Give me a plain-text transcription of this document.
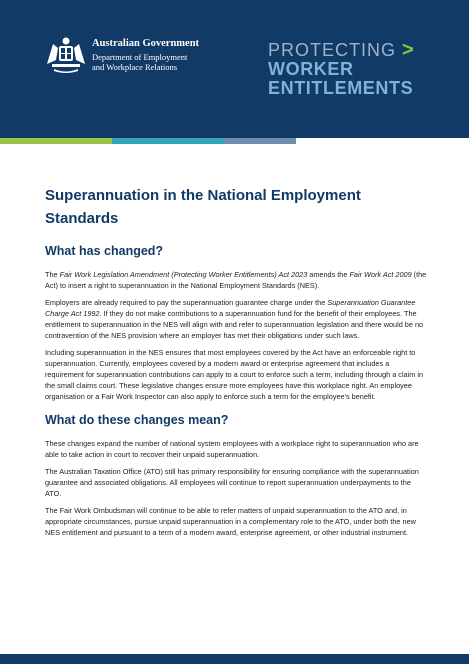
Australian Government
Department of Employment
and Workplace Relations
PROTECTING >
WORKER
ENTITLEMENTS
Superannuation in the National Employment Standards
What has changed?

The Fair Work Legislation Amendment (Protecting Worker Entitlements) Act 2023 amends the Fair Work Act 2009 (the Act) to insert a right to superannuation in the National Employment Standards (NES).

Employers are already required to pay the superannuation guarantee charge under the Superannuation Guarantee Charge Act 1992. If they do not make contributions to a superannuation fund for the benefit of their employees. The entitlement to superannuation in the NES will align with and refer to superannuation legislation and there would be no contravention of the NES provision where an employer has met their obligations under such laws.

Including superannuation in the NES ensures that most employees covered by the Act have an enforceable right to superannuation. Currently, employees covered by a modern award or enterprise agreement that includes a requirement for superannuation contributions can apply to a court to enforce such a term, including through a claim in the small claims court. These legislative changes ensure more employees have this workplace right. An employee organisation or a Fair Work Inspector can also apply to enforce such a term for the employee's benefit.

What do these changes mean?

These changes expand the number of national system employees with a workplace right to superannuation who are able to take action in court to recover their unpaid superannuation.

The Australian Taxation Office (ATO) still has primary responsibility for ensuring compliance with the superannuation guarantee and associated obligations. All employees will continue to report superannuation underpayments to the ATO.

The Fair Work Ombudsman will continue to be able to refer matters of unpaid superannuation to the ATO and, in appropriate circumstances, pursue unpaid superannuation in a complementary role to the ATO, under both the new NES entitlement and pursuant to a term of a modern award, enterprise agreement, or other industrial instrument.
